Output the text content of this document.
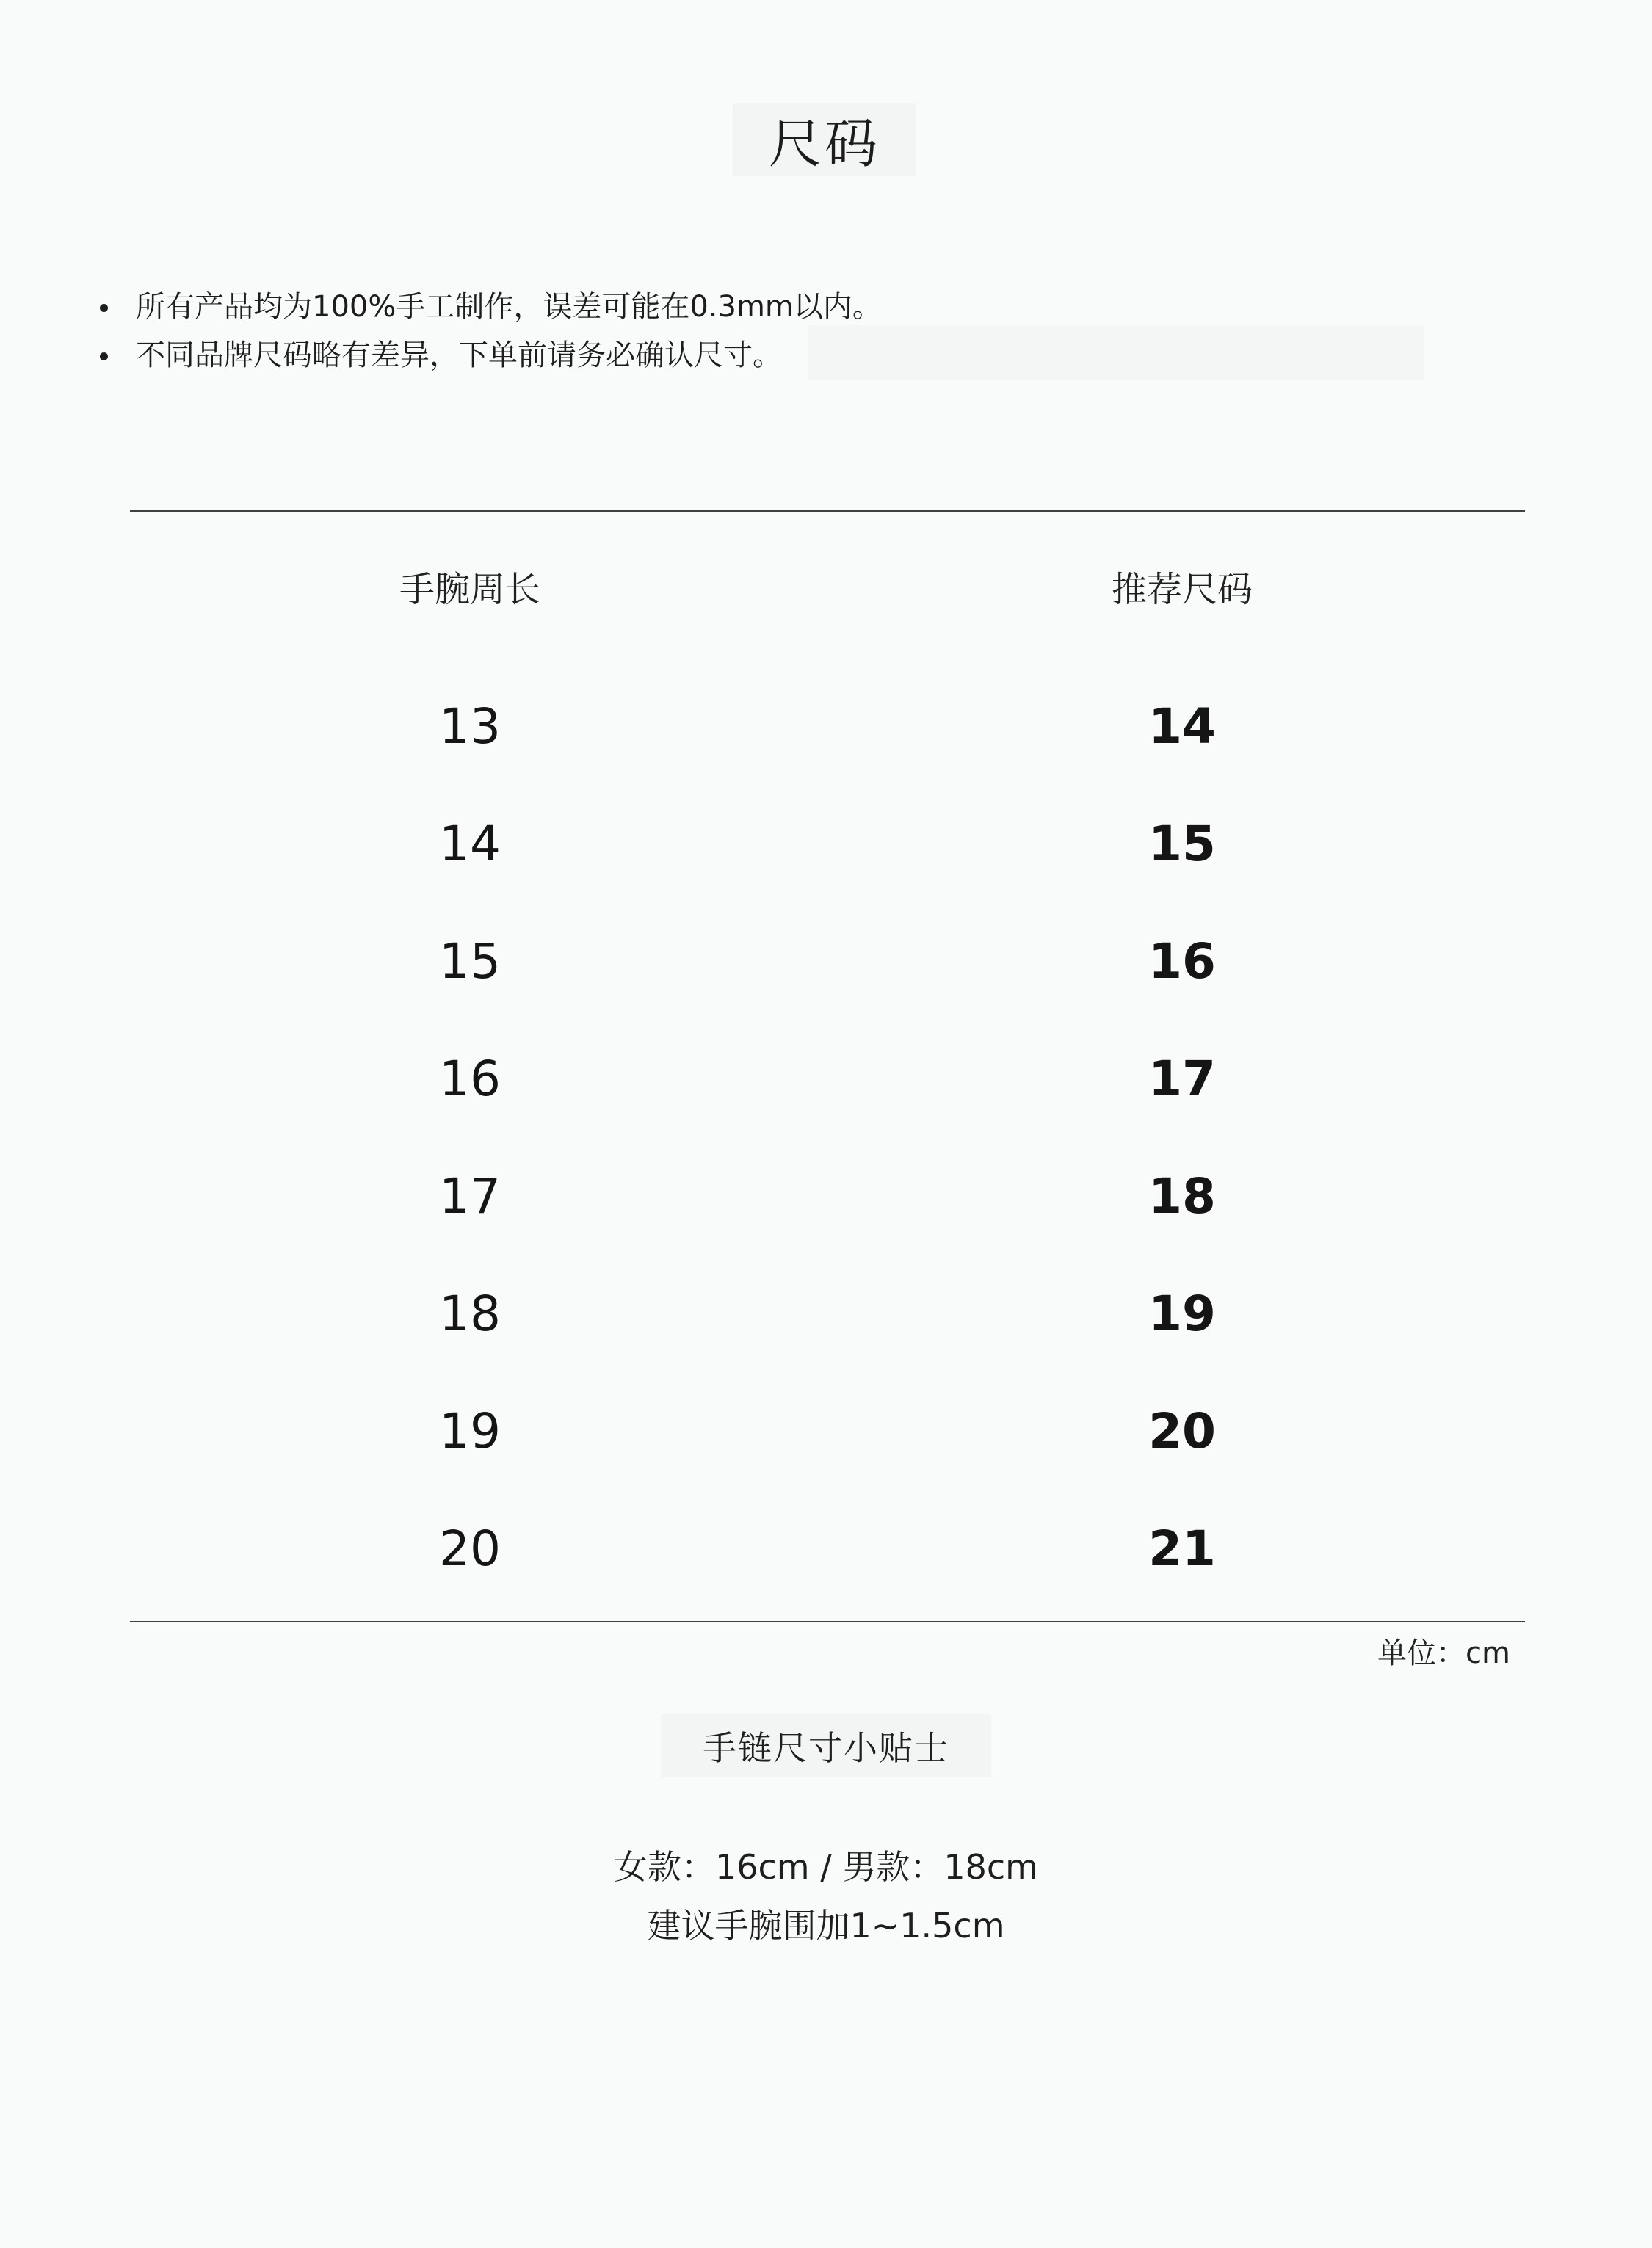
尺码
所有产品均为100%手工制作，误差可能在0.3mm以内。
不同品牌尺码略有差异，下单前请务必确认尺寸。
手腕周长	推荐尺码
13	14
14	15
15	16
16	17
17	18
18	19
19	20
20	21
单位：cm
手链尺寸小贴士
女款：16cm / 男款：18cm
建议手腕围加1~1.5cm
